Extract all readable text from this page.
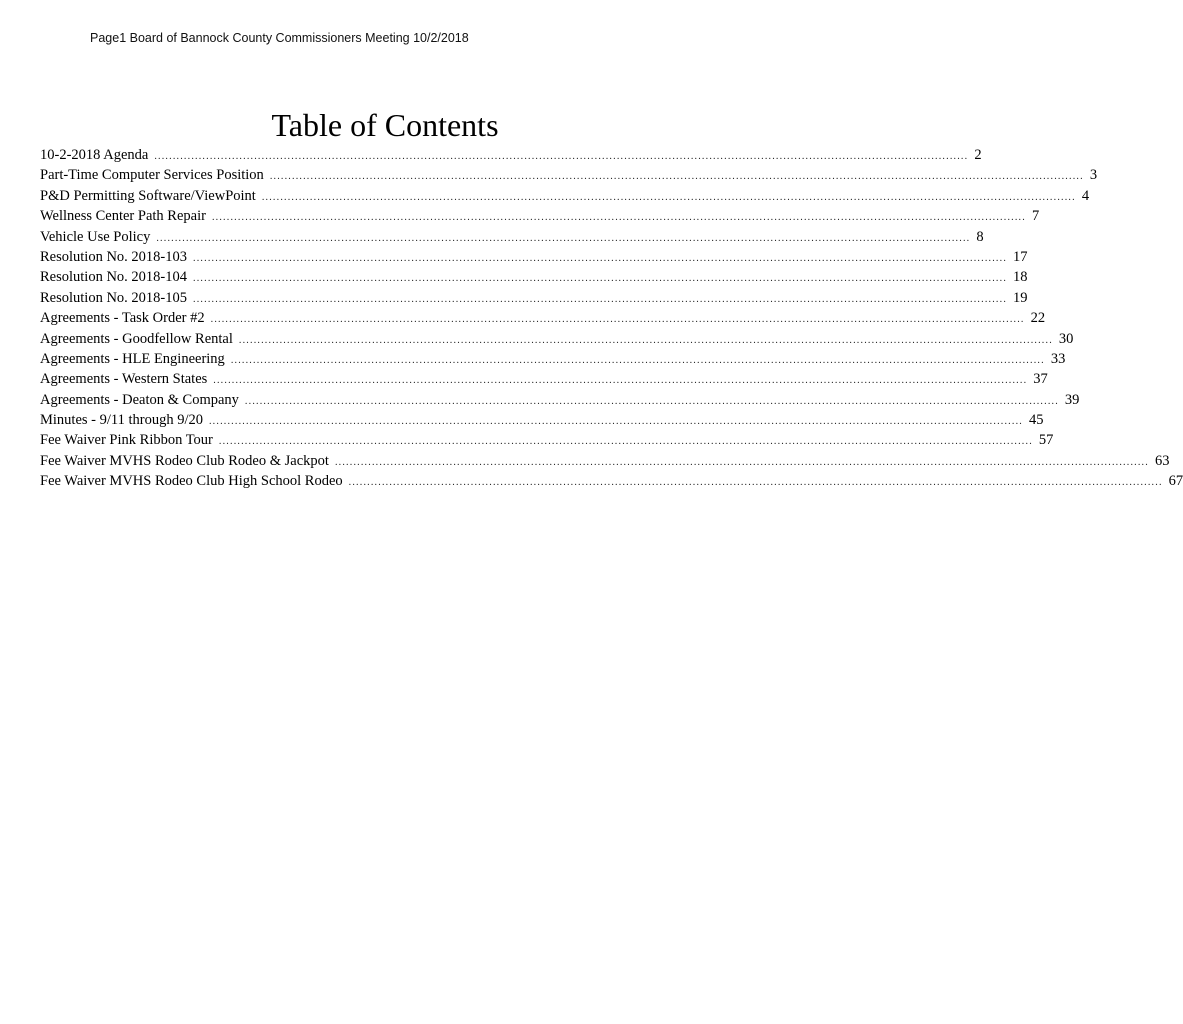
Page1 Board of Bannock County Commissioners Meeting 10/2/2018
Table of Contents
10-2-2018 Agenda ............................................................................................................................................................................................................................ 2
Part-Time Computer Services Position ............................................................................................................................................................................................................................ 3
P&D Permitting Software/ViewPoint ............................................................................................................................................................................................................................ 4
Wellness Center Path Repair ............................................................................................................................................................................................................................ 7
Vehicle Use Policy ............................................................................................................................................................................................................................ 8
Resolution No. 2018-103 ............................................................................................................................................................................................................................ 17
Resolution No. 2018-104 ............................................................................................................................................................................................................................ 18
Resolution No. 2018-105 ............................................................................................................................................................................................................................ 19
Agreements - Task Order #2 ............................................................................................................................................................................................................................ 22
Agreements - Goodfellow Rental ............................................................................................................................................................................................................................ 30
Agreements - HLE Engineering ............................................................................................................................................................................................................................ 33
Agreements - Western States ............................................................................................................................................................................................................................ 37
Agreements - Deaton & Company ............................................................................................................................................................................................................................ 39
Minutes - 9/11 through 9/20 ............................................................................................................................................................................................................................ 45
Fee Waiver Pink Ribbon Tour ............................................................................................................................................................................................................................ 57
Fee Waiver MVHS Rodeo Club Rodeo & Jackpot ............................................................................................................................................................................................................................ 63
Fee Waiver MVHS Rodeo Club High School Rodeo ............................................................................................................................................................................................................................ 67
